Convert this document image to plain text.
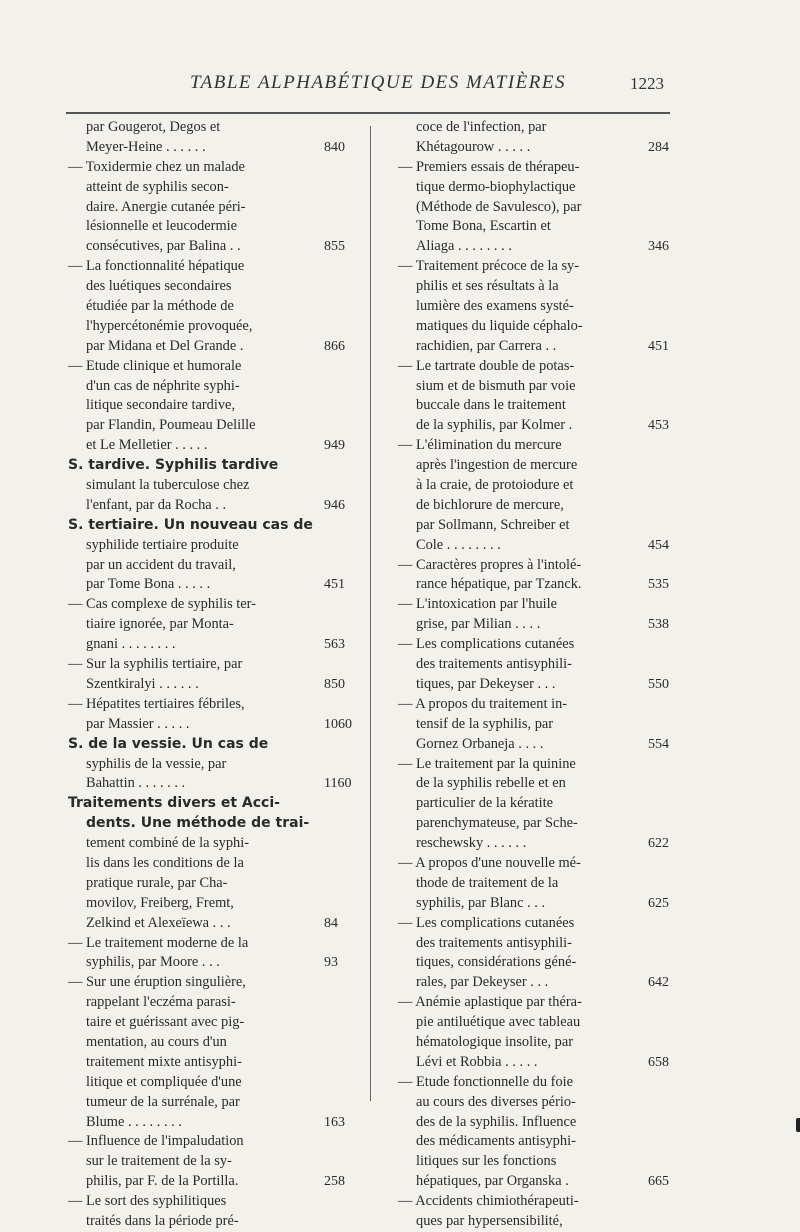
TABLE ALPHABÉTIQUE DES MATIÈRES	1223
par Gougerot, Degos et
Meyer-Heine . . . . . .	840
— Toxidermie chez un malade
atteint de syphilis secon-
daire. Anergie cutanée péri-
lésionnelle et leucodermie
consécutives, par Balina . .	855
— La fonctionnalité hépatique
des luétiques secondaires
étudiée par la méthode de
l'hypercétonémie provoquée,
par Midana et Del Grande .	866
— Etude clinique et humorale
d'un cas de néphrite syphi-
litique secondaire tardive,
par Flandin, Poumeau Delille
et Le Melletier . . . . .	949
S. tardive. Syphilis tardive
simulant la tuberculose chez
l'enfant, par da Rocha . .	946
S. tertiaire. Un nouveau cas de
syphilide tertiaire produite
par un accident du travail,
par Tome Bona . . . . .	451
— Cas complexe de syphilis ter-
tiaire ignorée, par Monta-
gnani . . . . . . . .	563
— Sur la syphilis tertiaire, par
Szentkiralyi . . . . . .	850
— Hépatites tertiaires fébriles,
par Massier . . . . .	1060
S. de la vessie. Un cas de
syphilis de la vessie, par
Bahattin . . . . . . .	1160
Traitements divers et Acci-
dents. Une méthode de trai-
tement combiné de la syphi-
lis dans les conditions de la
pratique rurale, par Cha-
movilov, Freiberg, Fremt,
Zelkind et Alexeïewa . . .	84
— Le traitement moderne de la
syphilis, par Moore . . .	93
— Sur une éruption singulière,
rappelant l'eczéma parasi-
taire et guérissant avec pig-
mentation, au cours d'un
traitement mixte antisyphi-
litique et compliquée d'une
tumeur de la surrénale, par
Blume . . . . . . . .	163
— Influence de l'impaludation
sur le traitement de la sy-
philis, par F. de la Portilla.	258
— Le sort des syphilitiques
traités dans la période pré-
coce de l'infection, par
Khétagourow . . . . .	284
— Premiers essais de thérapeu-
tique dermo-biophylactique
(Méthode de Savulesco), par
Tome Bona, Escartin et
Aliaga . . . . . . . .	346
— Traitement précoce de la sy-
philis et ses résultats à la
lumière des examens systé-
matiques du liquide céphalo-
rachidien, par Carrera . .	451
— Le tartrate double de potas-
sium et de bismuth par voie
buccale dans le traitement
de la syphilis, par Kolmer .	453
— L'élimination du mercure
après l'ingestion de mercure
à la craie, de protoiodure et
de bichlorure de mercure,
par Sollmann, Schreiber et
Cole . . . . . . . .	454
— Caractères propres à l'intolé-
rance hépatique, par Tzanck.	535
— L'intoxication par l'huile
grise, par Milian . . . .	538
— Les complications cutanées
des traitements antisyphili-
tiques, par Dekeyser . . .	550
— A propos du traitement in-
tensif de la syphilis, par
Gornez Orbaneja . . . .	554
— Le traitement par la quinine
de la syphilis rebelle et en
particulier de la kératite
parenchymateuse, par Sche-
reschewsky . . . . . .	622
— A propos d'une nouvelle mé-
thode de traitement de la
syphilis, par Blanc . . .	625
— Les complications cutanées
des traitements antisyphili-
tiques, considérations géné-
rales, par Dekeyser . . .	642
— Anémie aplastique par théra-
pie antiluétique avec tableau
hématologique insolite, par
Lévi et Robbia . . . . .	658
— Etude fonctionnelle du foie
au cours des diverses pério-
des de la syphilis. Influence
des médicaments antisyphi-
litiques sur les fonctions
hépatiques, par Organska .	665
— Accidents chimiothérapeuti-
ques par hypersensibilité,
